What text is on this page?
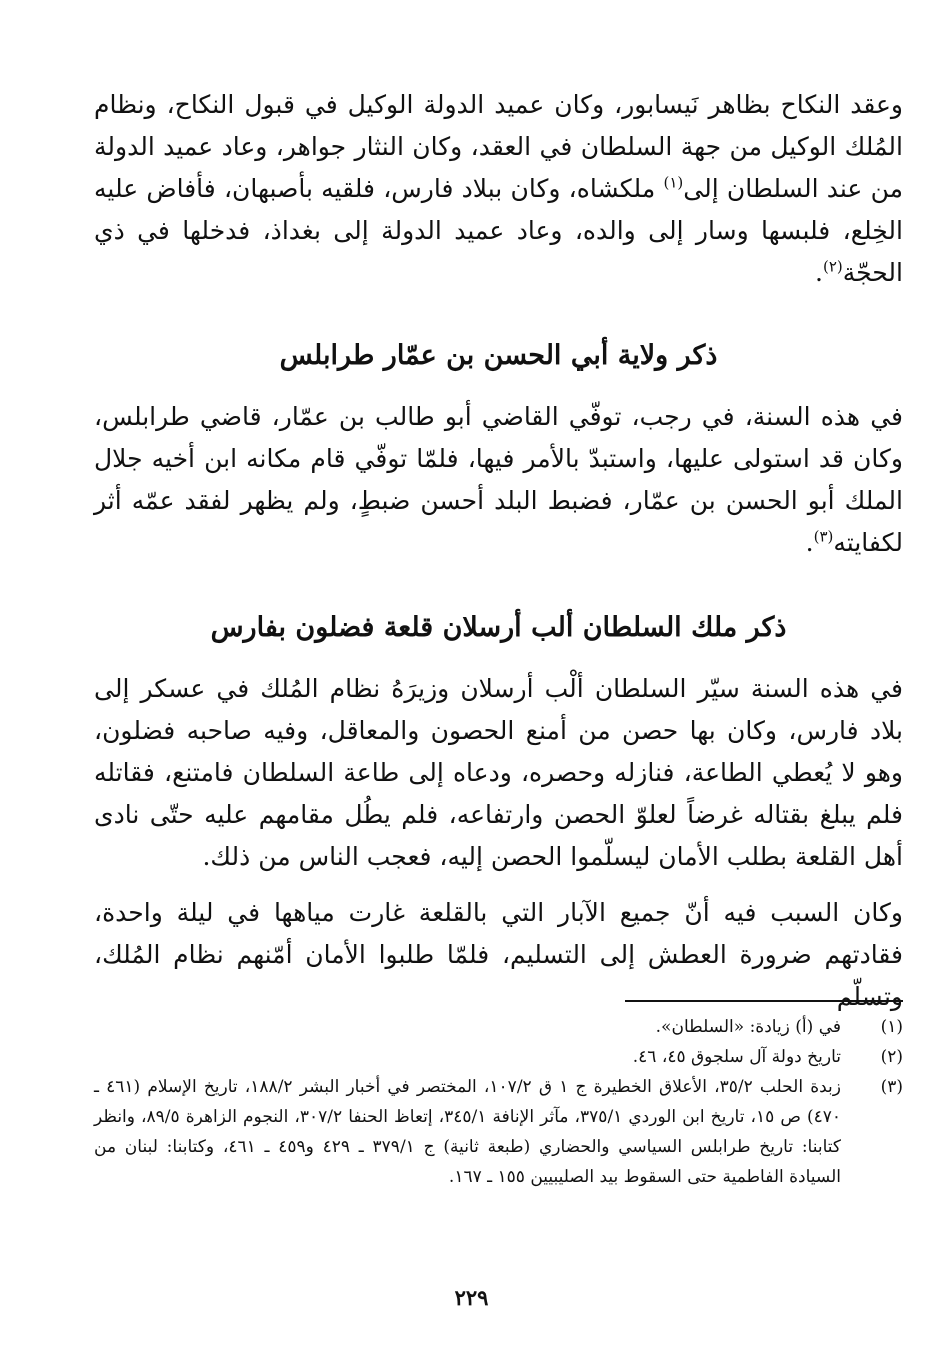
وعقد النكاح بظاهر نَيسابور، وكان عميد الدولة الوكيل في قبول النكاح، ونظام المُلك الوكيل من جهة السلطان في العقد، وكان النثار جواهر، وعاد عميد الدولة من عند السلطان إلى$^{(١)}$ ملكشاه، وكان ببلاد فارس، فلقيه بأصبهان، فأفاض عليه الخِلع، فلبسها وسار إلى والده، وعاد عميد الدولة إلى بغداذ، فدخلها في ذي الحجّة$^{(٢)}$.

ذكر ولاية أبي الحسن بن عمّار طرابلس

في هذه السنة، في رجب، توفّي القاضي أبو طالب بن عمّار، قاضي طرابلس، وكان قد استولى عليها، واستبدّ بالأمر فيها، فلمّا توفّي قام مكانه ابن أخيه جلال الملك أبو الحسن بن عمّار، فضبط البلد أحسن ضبطٍ، ولم يظهر لفقد عمّه أثر لكفايته$^{(٣)}$.

ذكر ملك السلطان ألب أرسلان قلعة فضلون بفارس

في هذه السنة سيّر السلطان ألْب أرسلان وزيرَهُ نظام المُلك في عسكر إلى بلاد فارس، وكان بها حصن من أمنع الحصون والمعاقل، وفيه صاحبه فضلون، وهو لا يُعطي الطاعة، فنازله وحصره، ودعاه إلى طاعة السلطان فامتنع، فقاتله فلم يبلغ بقتاله غرضاً لعلوّ الحصن وارتفاعه، فلم يطُل مقامهم عليه حتّى نادى أهل القلعة بطلب الأمان ليسلّموا الحصن إليه، فعجب الناس من ذلك.

وكان السبب فيه أنّ جميع الآبار التي بالقلعة غارت مياهها في ليلة واحدة، فقادتهم ضرورة العطش إلى التسليم، فلمّا طلبوا الأمان أمّنهم نظام المُلك، وتسلّم

(١)
في (أ) زيادة: «السلطان».
(٢)
تاريخ دولة آل سلجوق ٤٥، ٤٦.
(٣)
زبدة الحلب ٣٥/٢، الأعلاق الخطيرة ج ١ ق ١٠٧/٢، المختصر في أخبار البشر ١٨٨/٢، تاريخ الإسلام (٤٦١ ـ ٤٧٠) ص ١٥، تاريخ ابن الوردي ٣٧٥/١، مآثر الإنافة ٣٤٥/١، إتعاظ الحنفا ٣٠٧/٢، النجوم الزاهرة ٨٩/٥، وانظر كتابنا: تاريخ طرابلس السياسي والحضاري (طبعة ثانية) ج ٣٧٩/١ ـ ٤٢٩ و٤٥٩ ـ ٤٦١، وكتابنا: لبنان من السيادة الفاطمية حتى السقوط بيد الصليبيين ١٥٥ ـ ١٦٧.
٢٢٩
